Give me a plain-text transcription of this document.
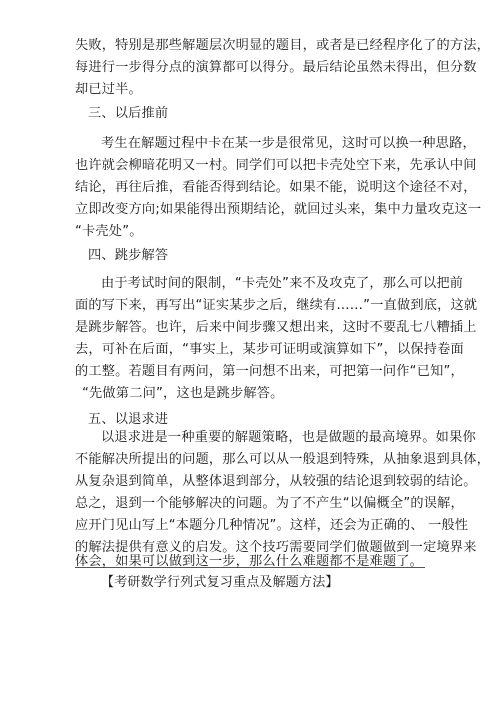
失败，特别是那些解题层次明显的题目，或者是已经程序化了的方法，
每进行一步得分点的演算都可以得分。最后结论虽然未得出，但分数
却已过半。
三、以后推前
考生在解题过程中卡在某一步是很常见，这时可以换一种思路，
也许就会柳暗花明又一村。同学们可以把卡壳处空下来，先承认中间
结论，再往后推，看能否得到结论。如果不能，说明这个途径不对，
立即改变方向;如果能得出预期结论，就回过头来，集中力量攻克这一
“卡壳处”。
四、跳步解答
由于考试时间的限制，“卡壳处”来不及攻克了，那么可以把前
面的写下来，再写出“证实某步之后，继续有……”一直做到底，这就
是跳步解答。也许，后来中间步骤又想出来，这时不要乱七八糟插上
去，可补在后面，“事实上，某步可证明或演算如下”，以保持卷面
的工整。若题目有两问，第一问想不出来，可把第一问作“已知”，
“先做第二问”，这也是跳步解答。
五、以退求进
以退求进是一种重要的解题策略，也是做题的最高境界。如果你
不能解决所提出的问题，那么可以从一般退到特殊，从抽象退到具体，
从复杂退到简单，从整体退到部分，从较强的结论退到较弱的结论。
总之，退到一个能够解决的问题。为了不产生“以偏概全”的误解，
应开门见山写上“本题分几种情况”。这样，还会为正确的、 一般性
【考研数学行列式复习重点及解题方法】
的解法提供有意义的启发。这个技巧需要同学们做题做到一定境界来
体会，如果可以做到这一步，那么什么难题都不是难题了。
